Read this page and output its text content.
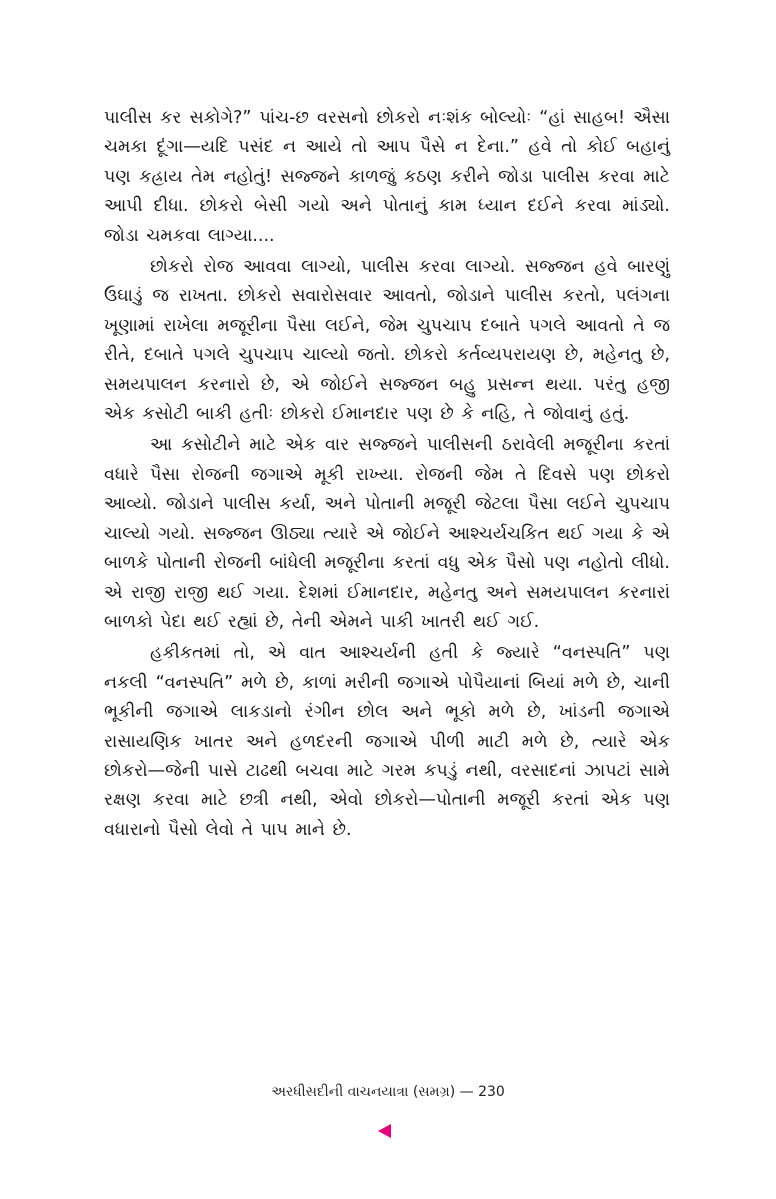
પાલીસ કર સકોગે?” પાંચ-છ વરસનો છોકરો નઃશંક બોલ્યોઃ “હાં સાહબ! ઐસા ચમકા દૂંગા—યદિ પસંદ ન આયે તો આપ પૈસે ન દેના.” હવે તો કોઈ બહાનું પણ કહ્રાય તેમ નહોતું! સજ્જને કાળજું કઠણ કરીને જોડા પાલીસ કરવા માટે આપી દીધા. છોકરો બેસી ગયો અને પોતાનું કામ ધ્યાન દઈને કરવા માંડ્યો. જોડા ચમકવા લાગ્યા....

છોકરો રોજ આવવા લાગ્યો, પાલીસ કરવા લાગ્યો. સજ્જન હવે બારણું ઉઘાડું જ રાખતા. છોકરો સવારોસવાર આવતો, જોડાને પાલીસ કરતો, પલંગના ખૂણામાં રાખેલા મજૂરીના પૈસા લઈને, જેમ ચુપચાપ દબાતે પગલે આવતો તે જ રીતે, દબાતે પગલે ચુપચાપ ચાલ્યો જતો. છોકરો કર્તવ્યપરાયણ છે, મહેનતુ છે, સમયપાલન કરનારો છે, એ જોઈને સજ્જન બહુ પ્રસન્ન થયા. પરંતુ હજી એક કસોટી બાકી હતીઃ છોકરો ઈમાનદાર પણ છે કે નહિ, તે જોવાનું હતું.

આ કસોટીને માટે એક વાર સજ્જને પાલીસની ઠરાવેલી મજૂરીના કરતાં વધારે પૈસા રોજની જગાએ મૂકી રાખ્યા. રોજની જેમ તે દિવસે પણ છોકરો આવ્યો. જોડાને પાલીસ કર્યા, અને પોતાની મજૂરી જેટલા પૈસા લઈને ચુપચાપ ચાલ્યો ગયો. સજ્જન ઊઠ્યા ત્યારે એ જોઈને આશ્ચર્યચકિત થઈ ગયા કે એ બાળકે પોતાની રોજની બાંધેલી મજૂરીના કરતાં વધુ એક પૈસો પણ નહોતો લીધો. એ રાજી રાજી થઈ ગયા. દેશમાં ઈમાનદાર, મહેનતુ અને સમયપાલન કરનારાં બાળકો પેદા થઈ રહ્યાં છે, તેની એમને પાકી ખાતરી થઈ ગઈ.

હકીકતમાં તો, એ વાત આશ્ચર્યની હતી કે જ્યારે “વનસ્પતિ” પણ નકલી “વનસ્પતિ” મળે છે, કાળાં મરીની જગાએ પોપૈયાનાં બિયાં મળે છે, ચાની ભૂકીની જગાએ લાકડાનો રંગીન છોલ અને ભૂકો મળે છે, ખાંડની જગાએ રાસાયણિક ખાતર અને હળદરની જગાએ પીળી માટી મળે છે, ત્યારે એક છોકરો—જેની પાસે ટાઢથી બચવા માટે ગરમ કપડું નથી, વરસાદનાં ઝાપટાં સામે રક્ષણ કરવા માટે છત્રી નથી, એવો છોકરો—પોતાની મજૂરી કરતાં એક પણ વધારાનો પૈસો લેવો તે પાપ માને છે.

અરધીસદીની વાચનયાત્રા (સમગ્ર) — 230
